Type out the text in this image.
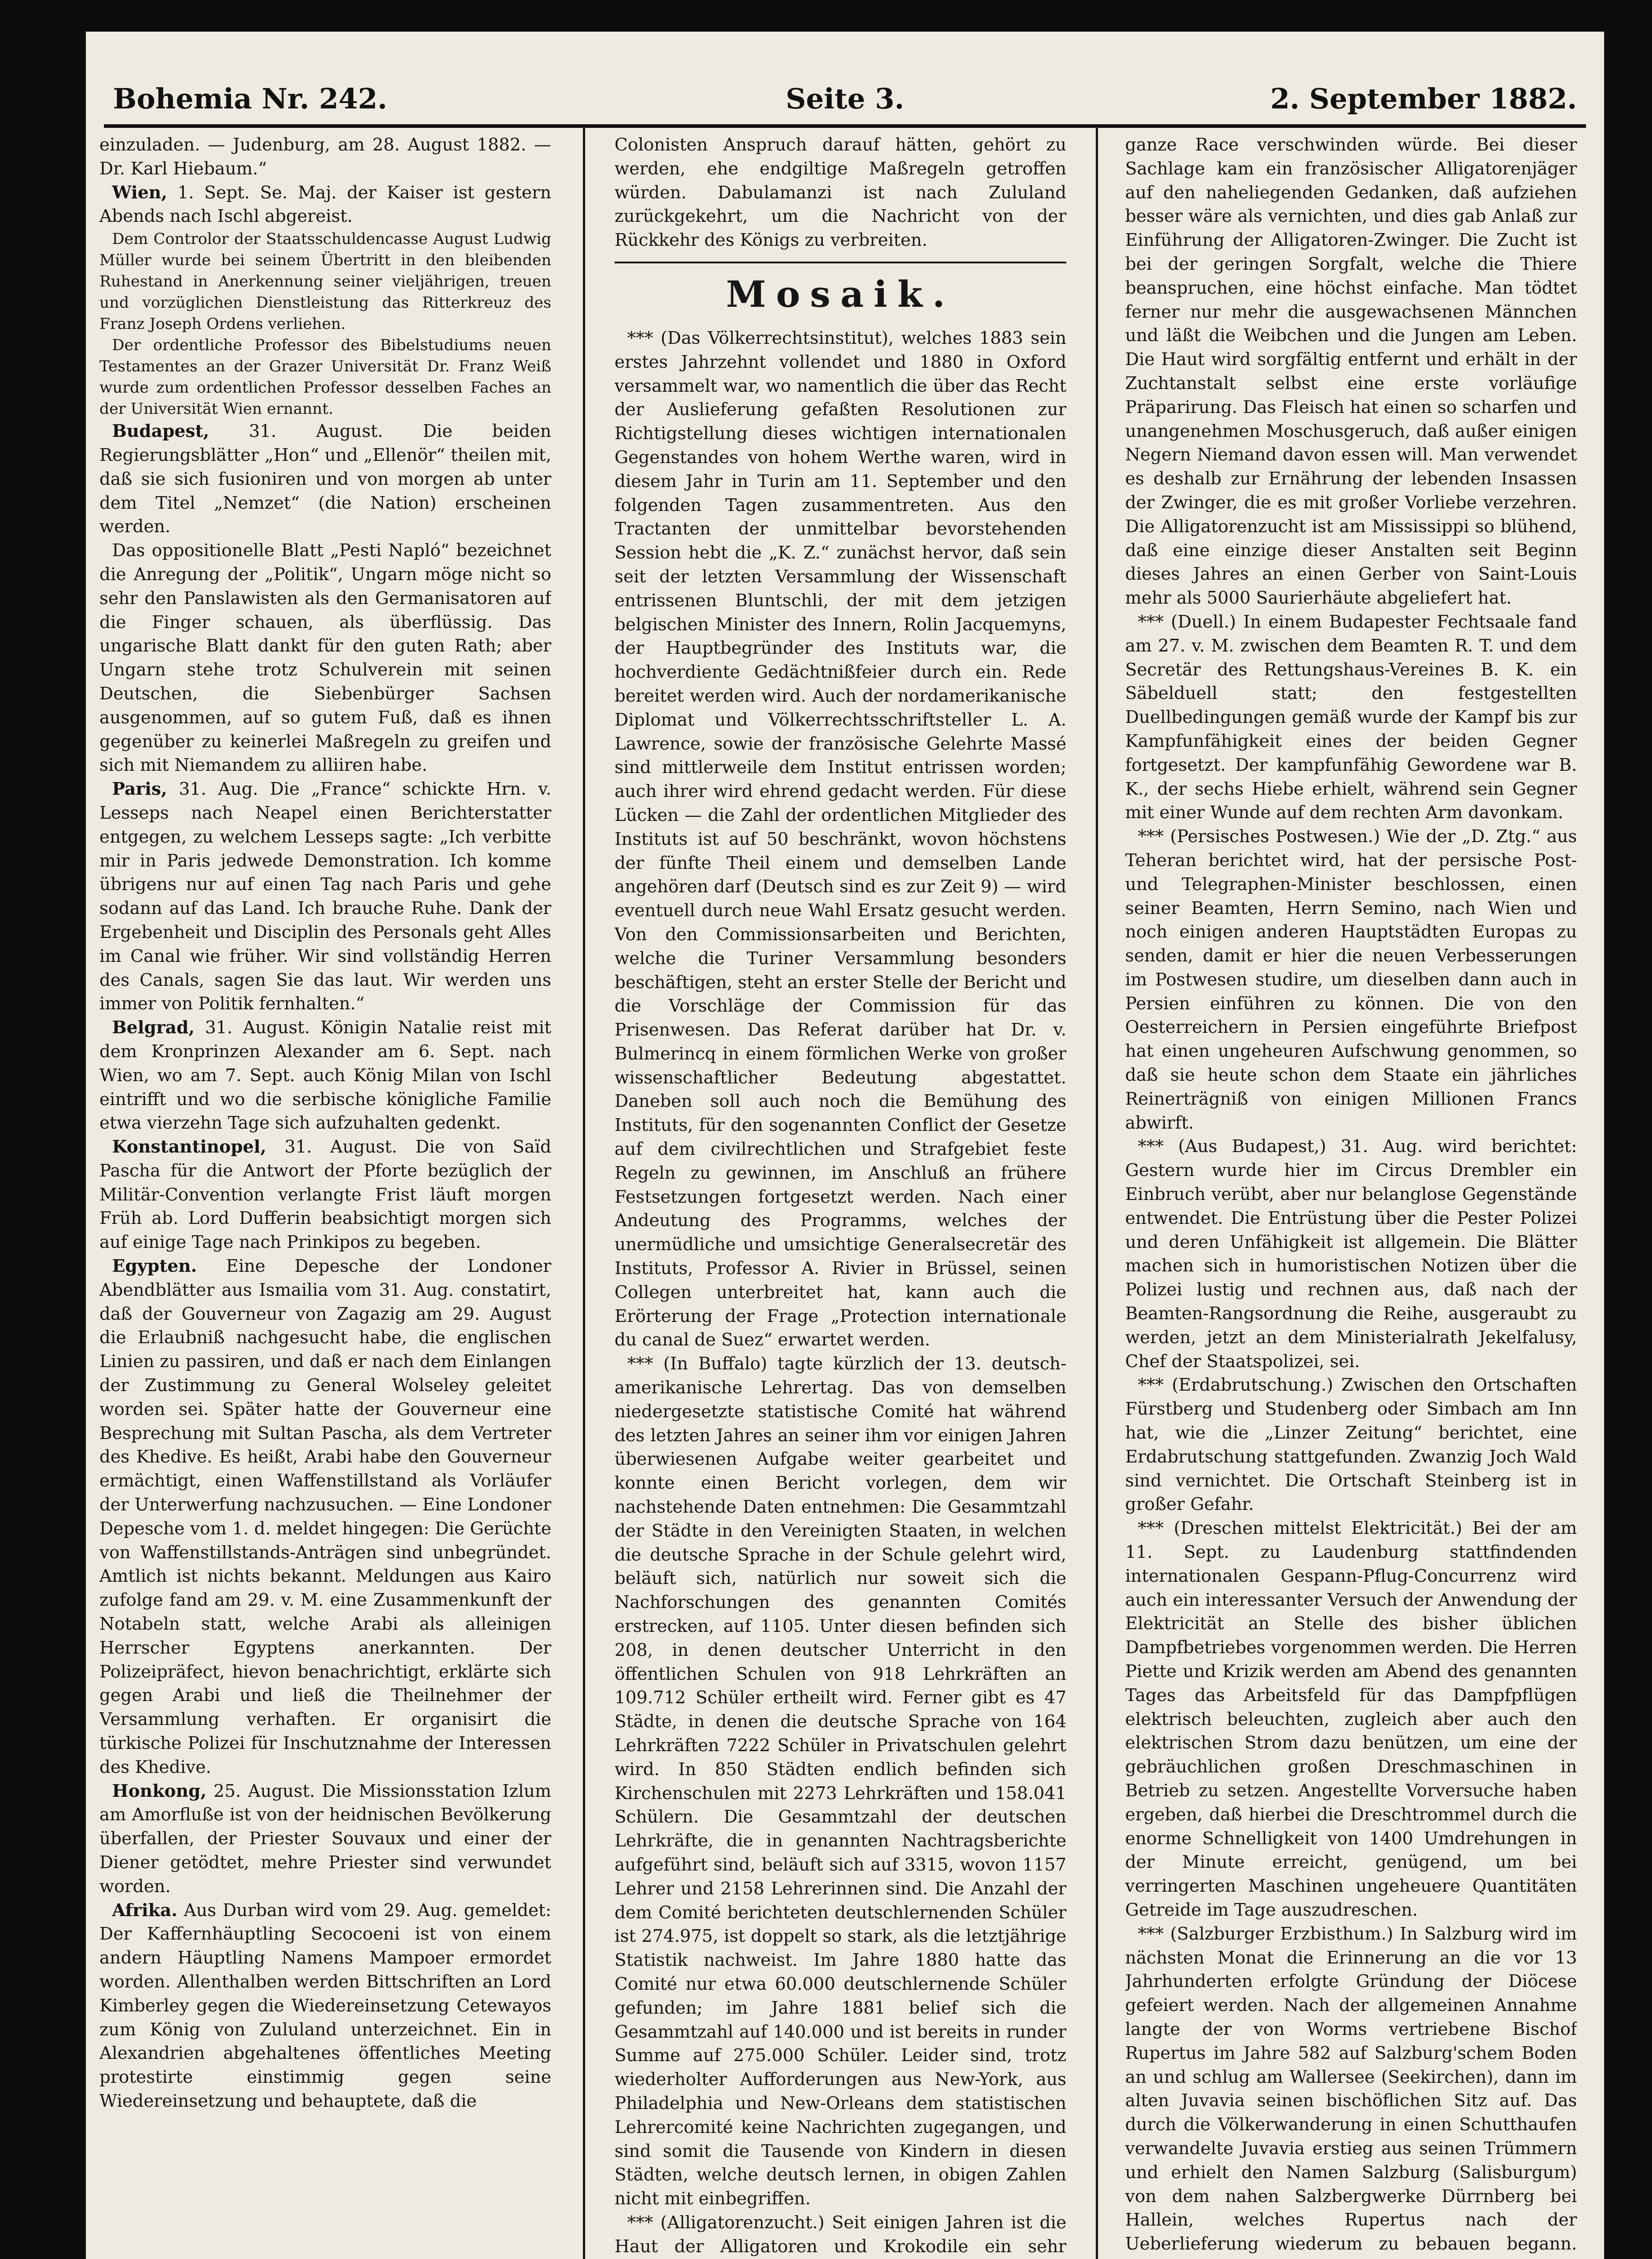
Bohemia Nr. 242.	Seite 3.	2. September 1882.

einzuladen. — Judenburg, am 28. August 1882. — Dr. Karl Hiebaum.“

Wien, 1. Sept. Se. Maj. der Kaiser ist gestern Abends nach Ischl abgereist.

Dem Controlor der Staatsschuldencasse August Ludwig Müller wurde bei seinem Übertritt in den bleibenden Ruhestand in Anerkennung seiner vieljährigen, treuen und vorzüglichen Dienstleistung das Ritterkreuz des Franz Joseph Ordens verliehen.

Der ordentliche Professor des Bibelstudiums neuen Testamentes an der Grazer Universität Dr. Franz Weiß wurde zum ordentlichen Professor desselben Faches an der Universität Wien ernannt.

Budapest, 31. August. Die beiden Regierungsblätter „Hon“ und „Ellenör“ theilen mit, daß sie sich fusioniren und von morgen ab unter dem Titel „Nemzet“ (die Nation) erscheinen werden.

Das oppositionelle Blatt „Pesti Napló“ bezeichnet die Anregung der „Politik“, Ungarn möge nicht so sehr den Panslawisten als den Germanisatoren auf die Finger schauen, als überflüssig. Das ungarische Blatt dankt für den guten Rath; aber Ungarn stehe trotz Schulverein mit seinen Deutschen, die Siebenbürger Sachsen ausgenommen, auf so gutem Fuß, daß es ihnen gegenüber zu keinerlei Maßregeln zu greifen und sich mit Niemandem zu alliiren habe.

Paris, 31. Aug. Die „France“ schickte Hrn. v. Lesseps nach Neapel einen Berichterstatter entgegen, zu welchem Lesseps sagte: „Ich verbitte mir in Paris jedwede Demonstration. Ich komme übrigens nur auf einen Tag nach Paris und gehe sodann auf das Land. Ich brauche Ruhe. Dank der Ergebenheit und Disciplin des Personals geht Alles im Canal wie früher. Wir sind vollständig Herren des Canals, sagen Sie das laut. Wir werden uns immer von Politik fernhalten.“

Belgrad, 31. August. Königin Natalie reist mit dem Kronprinzen Alexander am 6. Sept. nach Wien, wo am 7. Sept. auch König Milan von Ischl eintrifft und wo die serbische königliche Familie etwa vierzehn Tage sich aufzuhalten gedenkt.

Konstantinopel, 31. August. Die von Saïd Pascha für die Antwort der Pforte bezüglich der Militär-Convention verlangte Frist läuft morgen Früh ab. Lord Dufferin beabsichtigt morgen sich auf einige Tage nach Prinkipos zu begeben.

Egypten. Eine Depesche der Londoner Abendblätter aus Ismailia vom 31. Aug. constatirt, daß der Gouverneur von Zagazig am 29. August die Erlaubniß nachgesucht habe, die englischen Linien zu passiren, und daß er nach dem Einlangen der Zustimmung zu General Wolseley geleitet worden sei. Später hatte der Gouverneur eine Besprechung mit Sultan Pascha, als dem Vertreter des Khedive. Es heißt, Arabi habe den Gouverneur ermächtigt, einen Waffenstillstand als Vorläufer der Unterwerfung nachzusuchen. — Eine Londoner Depesche vom 1. d. meldet hingegen: Die Gerüchte von Waffenstillstands-Anträgen sind unbegründet. Amtlich ist nichts bekannt. Meldungen aus Kairo zufolge fand am 29. v. M. eine Zusammenkunft der Notabeln statt, welche Arabi als alleinigen Herrscher Egyptens anerkannten. Der Polizeipräfect, hievon benachrichtigt, erklärte sich gegen Arabi und ließ die Theilnehmer der Versammlung verhaften. Er organisirt die türkische Polizei für Inschutznahme der Interessen des Khedive.

Honkong, 25. August. Die Missionsstation Izlum am Amorfluße ist von der heidnischen Bevölkerung überfallen, der Priester Souvaux und einer der Diener getödtet, mehre Priester sind verwundet worden.

Afrika. Aus Durban wird vom 29. Aug. gemeldet: Der Kaffernhäuptling Secocoeni ist von einem andern Häuptling Namens Mampoer ermordet worden. Allenthalben werden Bittschriften an Lord Kimberley gegen die Wiedereinsetzung Cetewayos zum König von Zululand unterzeichnet. Ein in Alexandrien abgehaltenes öffentliches Meeting protestirte einstimmig gegen seine Wiedereinsetzung und behauptete, daß die

Colonisten Anspruch darauf hätten, gehört zu werden, ehe endgiltige Maßregeln getroffen würden. Dabulamanzi ist nach Zululand zurückgekehrt, um die Nachricht von der Rückkehr des Königs zu verbreiten.

Mosaik.

*** (Das Völkerrechtsinstitut), welches 1883 sein erstes Jahrzehnt vollendet und 1880 in Oxford versammelt war, wo namentlich die über das Recht der Auslieferung gefaßten Resolutionen zur Richtigstellung dieses wichtigen internationalen Gegenstandes von hohem Werthe waren, wird in diesem Jahr in Turin am 11. September und den folgenden Tagen zusammentreten. Aus den Tractanten der unmittelbar bevorstehenden Session hebt die „K. Z.“ zunächst hervor, daß sein seit der letzten Versammlung der Wissenschaft entrissenen Bluntschli, der mit dem jetzigen belgischen Minister des Innern, Rolin Jacquemyns, der Hauptbegründer des Instituts war, die hochverdiente Gedächtnißfeier durch ein. Rede bereitet werden wird. Auch der nordamerikanische Diplomat und Völkerrechtsschriftsteller L. A. Lawrence, sowie der französische Gelehrte Massé sind mittlerweile dem Institut entrissen worden; auch ihrer wird ehrend gedacht werden. Für diese Lücken — die Zahl der ordentlichen Mitglieder des Instituts ist auf 50 beschränkt, wovon höchstens der fünfte Theil einem und demselben Lande angehören darf (Deutsch sind es zur Zeit 9) — wird eventuell durch neue Wahl Ersatz gesucht werden. Von den Commissionsarbeiten und Berichten, welche die Turiner Versammlung besonders beschäftigen, steht an erster Stelle der Bericht und die Vorschläge der Commission für das Prisenwesen. Das Referat darüber hat Dr. v. Bulmerincq in einem förmlichen Werke von großer wissenschaftlicher Bedeutung abgestattet. Daneben soll auch noch die Bemühung des Instituts, für den sogenannten Conflict der Gesetze auf dem civilrechtlichen und Strafgebiet feste Regeln zu gewinnen, im Anschluß an frühere Festsetzungen fortgesetzt werden. Nach einer Andeutung des Programms, welches der unermüdliche und umsichtige Generalsecretär des Instituts, Professor A. Rivier in Brüssel, seinen Collegen unterbreitet hat, kann auch die Erörterung der Frage „Protection internationale du canal de Suez“ erwartet werden.

*** (In Buffalo) tagte kürzlich der 13. deutsch-amerikanische Lehrertag. Das von demselben niedergesetzte statistische Comité hat während des letzten Jahres an seiner ihm vor einigen Jahren überwiesenen Aufgabe weiter gearbeitet und konnte einen Bericht vorlegen, dem wir nachstehende Daten entnehmen: Die Gesammtzahl der Städte in den Vereinigten Staaten, in welchen die deutsche Sprache in der Schule gelehrt wird, beläuft sich, natürlich nur soweit sich die Nachforschungen des genannten Comités erstrecken, auf 1105. Unter diesen befinden sich 208, in denen deutscher Unterricht in den öffentlichen Schulen von 918 Lehrkräften an 109.712 Schüler ertheilt wird. Ferner gibt es 47 Städte, in denen die deutsche Sprache von 164 Lehrkräften 7222 Schüler in Privatschulen gelehrt wird. In 850 Städten endlich befinden sich Kirchenschulen mit 2273 Lehrkräften und 158.041 Schülern. Die Gesammtzahl der deutschen Lehrkräfte, die in genannten Nachtragsberichte aufgeführt sind, beläuft sich auf 3315, wovon 1157 Lehrer und 2158 Lehrerinnen sind. Die Anzahl der dem Comité berichteten deutschlernenden Schüler ist 274.975, ist doppelt so stark, als die letztjährige Statistik nachweist. Im Jahre 1880 hatte das Comité nur etwa 60.000 deutschlernende Schüler gefunden; im Jahre 1881 belief sich die Gesammtzahl auf 140.000 und ist bereits in runder Summe auf 275.000 Schüler. Leider sind, trotz wiederholter Aufforderungen aus New-York, aus Philadelphia und New-Orleans dem statistischen Lehrercomité keine Nachrichten zugegangen, und sind somit die Tausende von Kindern in diesen Städten, welche deutsch lernen, in obigen Zahlen nicht mit einbegriffen.

*** (Alligatorenzucht.) Seit einigen Jahren ist die Haut der Alligatoren und Krokodile ein sehr

ganze Race verschwinden würde. Bei dieser Sachlage kam ein französischer Alligatorenjäger auf den naheliegenden Gedanken, daß aufziehen besser wäre als vernichten, und dies gab Anlaß zur Einführung der Alligatoren-Zwinger. Die Zucht ist bei der geringen Sorgfalt, welche die Thiere beanspruchen, eine höchst einfache. Man tödtet ferner nur mehr die ausgewachsenen Männchen und läßt die Weibchen und die Jungen am Leben. Die Haut wird sorgfältig entfernt und erhält in der Zuchtanstalt selbst eine erste vorläufige Präparirung. Das Fleisch hat einen so scharfen und unangenehmen Moschusgeruch, daß außer einigen Negern Niemand davon essen will. Man verwendet es deshalb zur Ernährung der lebenden Insassen der Zwinger, die es mit großer Vorliebe verzehren. Die Alligatorenzucht ist am Mississippi so blühend, daß eine einzige dieser Anstalten seit Beginn dieses Jahres an einen Gerber von Saint-Louis mehr als 5000 Saurierhäute abgeliefert hat.

*** (Duell.) In einem Budapester Fechtsaale fand am 27. v. M. zwischen dem Beamten R. T. und dem Secretär des Rettungshaus-Vereines B. K. ein Säbelduell statt; den festgestellten Duellbedingungen gemäß wurde der Kampf bis zur Kampfunfähigkeit eines der beiden Gegner fortgesetzt. Der kampfunfähig Gewordene war B. K., der sechs Hiebe erhielt, während sein Gegner mit einer Wunde auf dem rechten Arm davonkam.

*** (Persisches Postwesen.) Wie der „D. Ztg.“ aus Teheran berichtet wird, hat der persische Post- und Telegraphen-Minister beschlossen, einen seiner Beamten, Herrn Semino, nach Wien und noch einigen anderen Hauptstädten Europas zu senden, damit er hier die neuen Verbesserungen im Postwesen studire, um dieselben dann auch in Persien einführen zu können. Die von den Oesterreichern in Persien eingeführte Briefpost hat einen ungeheuren Aufschwung genommen, so daß sie heute schon dem Staate ein jährliches Reinerträgniß von einigen Millionen Francs abwirft.

*** (Aus Budapest,) 31. Aug. wird berichtet: Gestern wurde hier im Circus Drembler ein Einbruch verübt, aber nur belanglose Gegenstände entwendet. Die Entrüstung über die Pester Polizei und deren Unfähigkeit ist allgemein. Die Blätter machen sich in humoristischen Notizen über die Polizei lustig und rechnen aus, daß nach der Beamten-Rangsordnung die Reihe, ausgeraubt zu werden, jetzt an dem Ministerialrath Jekelfalusy, Chef der Staatspolizei, sei.

*** (Erdabrutschung.) Zwischen den Ortschaften Fürstberg und Studenberg oder Simbach am Inn hat, wie die „Linzer Zeitung“ berichtet, eine Erdabrutschung stattgefunden. Zwanzig Joch Wald sind vernichtet. Die Ortschaft Steinberg ist in großer Gefahr.

*** (Dreschen mittelst Elektricität.) Bei der am 11. Sept. zu Laudenburg stattfindenden internationalen Gespann-Pflug-Concurrenz wird auch ein interessanter Versuch der Anwendung der Elektricität an Stelle des bisher üblichen Dampfbetriebes vorgenommen werden. Die Herren Piette und Krizik werden am Abend des genannten Tages das Arbeitsfeld für das Dampfpflügen elektrisch beleuchten, zugleich aber auch den elektrischen Strom dazu benützen, um eine der gebräuchlichen großen Dreschmaschinen in Betrieb zu setzen. Angestellte Vorversuche haben ergeben, daß hierbei die Dreschtrommel durch die enorme Schnelligkeit von 1400 Umdrehungen in der Minute erreicht, genügend, um bei verringerten Maschinen ungeheuere Quantitäten Getreide im Tage auszudreschen.

*** (Salzburger Erzbisthum.) In Salzburg wird im nächsten Monat die Erinnerung an die vor 13 Jahrhunderten erfolgte Gründung der Diöcese gefeiert werden. Nach der allgemeinen Annahme langte der von Worms vertriebene Bischof Rupertus im Jahre 582 auf Salzburg'schem Boden an und schlug am Wallersee (Seekirchen), dann im alten Juvavia seinen bischöflichen Sitz auf. Das durch die Völkerwanderung in einen Schutthaufen verwandelte Juvavia erstieg aus seinen Trümmern und erhielt den Namen Salzburg (Salisburgum) von dem nahen Salzbergwerke Dürrnberg bei Hallein, welches Rupertus nach der Ueberlieferung wiederum zu bebauen begann.
